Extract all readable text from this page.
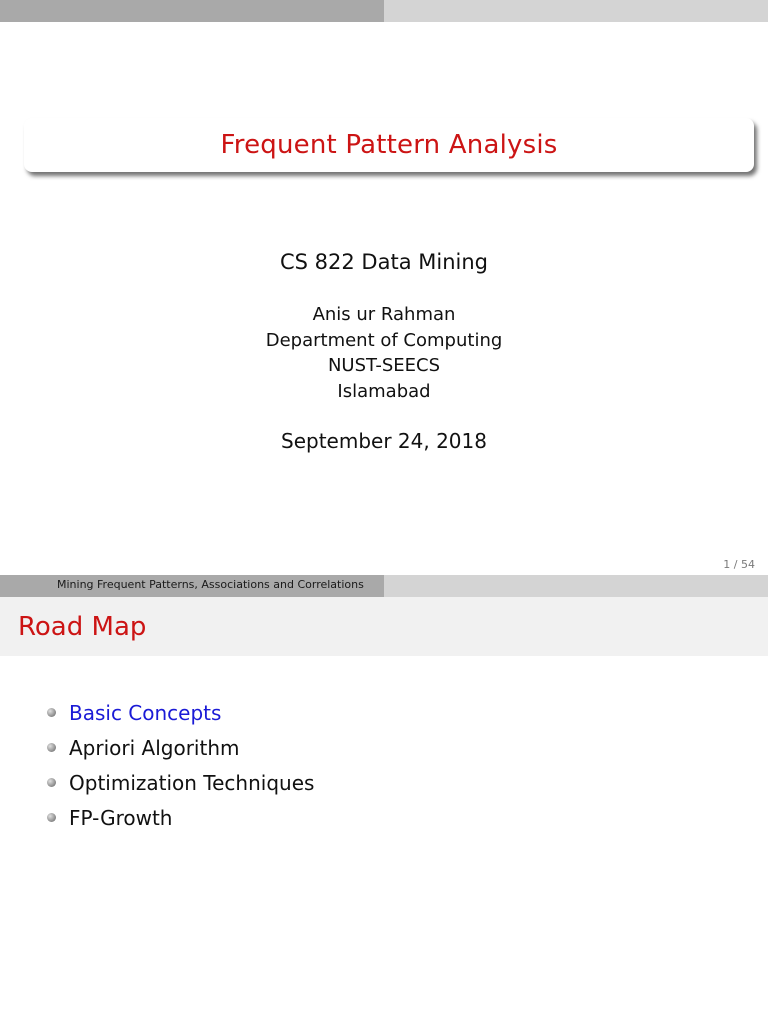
Frequent Pattern Analysis
CS 822 Data Mining
Anis ur Rahman
Department of Computing
NUST-SEECS
Islamabad
September 24, 2018
1 / 54
Mining Frequent Patterns, Associations and Correlations
Road Map
Basic Concepts
Apriori Algorithm
Optimization Techniques
FP-Growth
